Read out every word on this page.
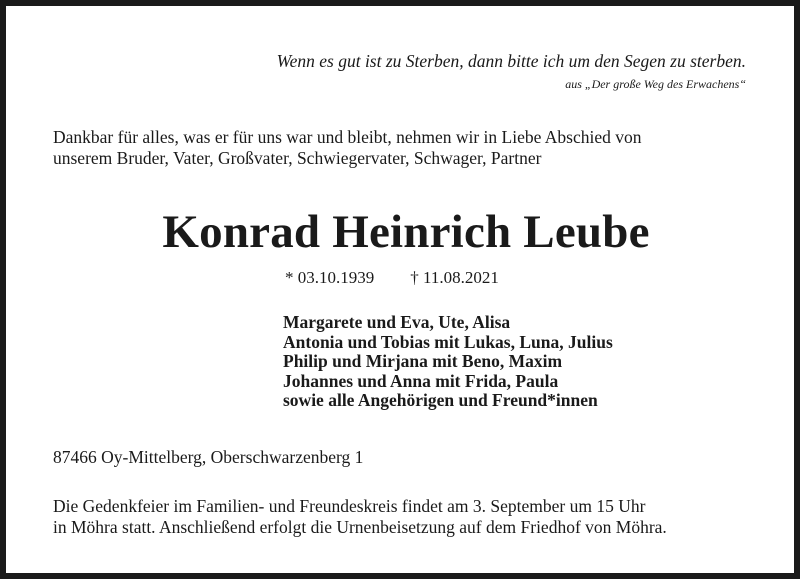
Wenn es gut ist zu Sterben, dann bitte ich um den Segen zu sterben.
aus „Der große Weg des Erwachens“
Dankbar für alles, was er für uns war und bleibt, nehmen wir in Liebe Abschied von
unserem Bruder, Vater, Großvater, Schwiegervater, Schwager, Partner
Konrad Heinrich Leube
* 03.10.1939 † 11.08.2021
Margarete und Eva, Ute, Alisa
Antonia und Tobias mit Lukas, Luna, Julius
Philip und Mirjana mit Beno, Maxim
Johannes und Anna mit Frida, Paula
sowie alle Angehörigen und Freund*innen
87466 Oy-Mittelberg, Oberschwarzenberg 1
Die Gedenkfeier im Familien- und Freundeskreis findet am 3. September um 15 Uhr
in Möhra statt. Anschließend erfolgt die Urnenbeisetzung auf dem Friedhof von Möhra.
